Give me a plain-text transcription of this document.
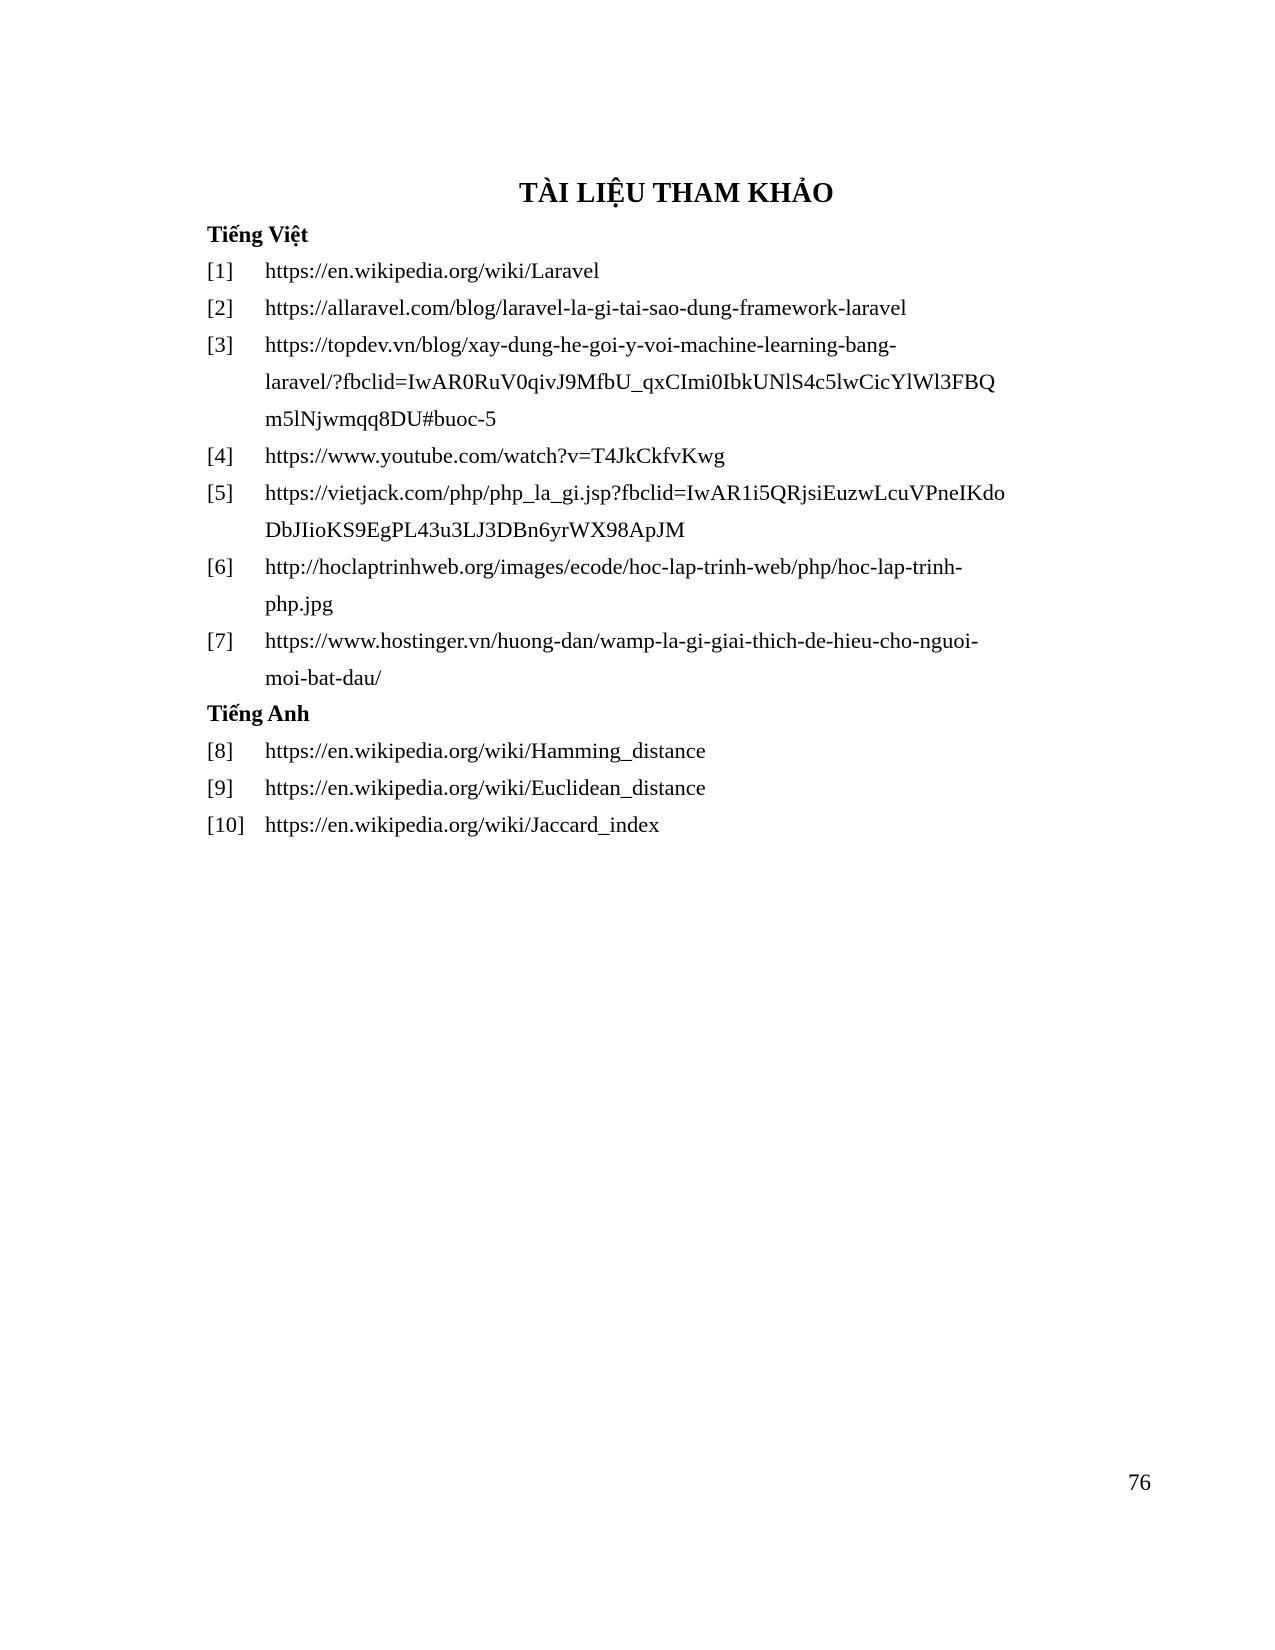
TÀI LIỆU THAM KHẢO
Tiếng Việt
[1] https://en.wikipedia.org/wiki/Laravel
[2] https://allaravel.com/blog/laravel-la-gi-tai-sao-dung-framework-laravel
[3] https://topdev.vn/blog/xay-dung-he-goi-y-voi-machine-learning-bang-
laravel/?fbclid=IwAR0RuV0qivJ9MfbU_qxCImi0IbkUNlS4c5lwCicYlWl3FBQ
m5lNjwmqq8DU#buoc-5
[4] https://www.youtube.com/watch?v=T4JkCkfvKwg
[5] https://vietjack.com/php/php_la_gi.jsp?fbclid=IwAR1i5QRjsiEuzwLcuVPneIKdo
DbJIioKS9EgPL43u3LJ3DBn6yrWX98ApJM
[6] http://hoclaptrinhweb.org/images/ecode/hoc-lap-trinh-web/php/hoc-lap-trinh-
php.jpg
[7] https://www.hostinger.vn/huong-dan/wamp-la-gi-giai-thich-de-hieu-cho-nguoi-
moi-bat-dau/
Tiếng Anh
[8] https://en.wikipedia.org/wiki/Hamming_distance
[9] https://en.wikipedia.org/wiki/Euclidean_distance
[10] https://en.wikipedia.org/wiki/Jaccard_index
76
